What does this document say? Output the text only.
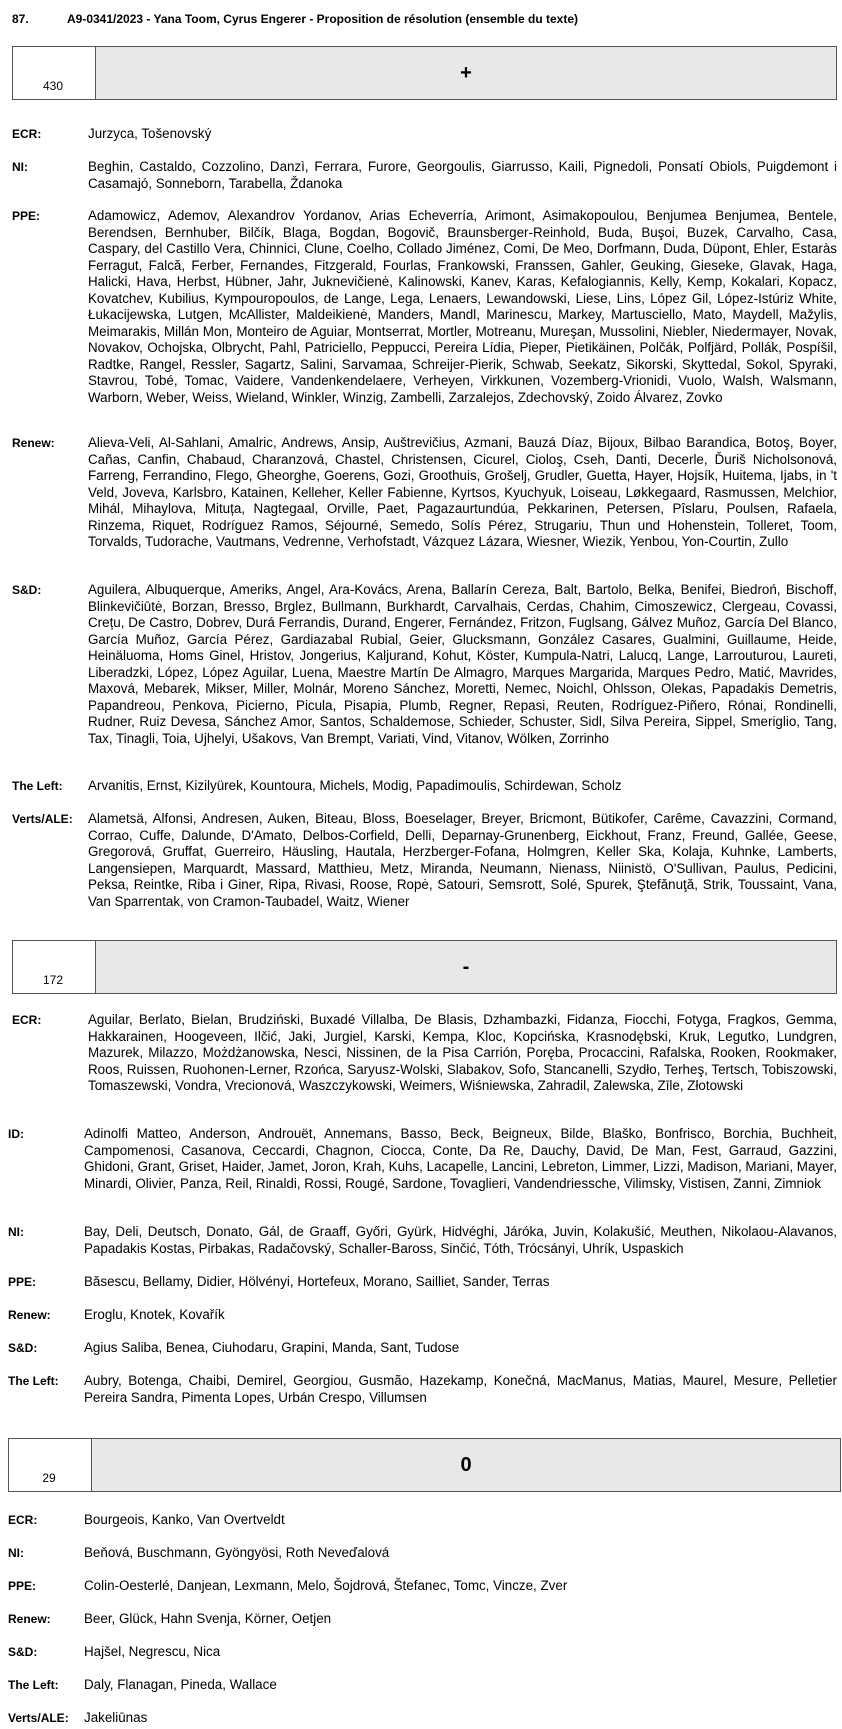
87.	A9-0341/2023 - Yana Toom, Cyrus Engerer - Proposition de résolution (ensemble du texte)
430
+
ECR:	Jurzyca, Tošenovský
NI:	Beghin, Castaldo, Cozzolino, Danzì, Ferrara, Furore, Georgoulis, Giarrusso, Kaili, Pignedoli, Ponsatí Obiols, Puigdemont i Casamajó, Sonneborn, Tarabella, Ždanoka
PPE:	Adamowicz, Ademov, Alexandrov Yordanov, Arias Echeverría, Arimont, Asimakopoulou, Benjumea Benjumea, Bentele, Berendsen, Bernhuber, Bilčík, Blaga, Bogdan, Bogovič, Braunsberger-Reinhold, Buda, Buşoi, Buzek, Carvalho, Casa, Caspary, del Castillo Vera, Chinnici, Clune, Coelho, Collado Jiménez, Comi, De Meo, Dorfmann, Duda, Düpont, Ehler, Estaràs Ferragut, Falcă, Ferber, Fernandes, Fitzgerald, Fourlas, Frankowski, Franssen, Gahler, Geuking, Gieseke, Glavak, Haga, Halicki, Hava, Herbst, Hübner, Jahr, Juknevičienė, Kalinowski, Kanev, Karas, Kefalogiannis, Kelly, Kemp, Kokalari, Kopacz, Kovatchev, Kubilius, Kympouropoulos, de Lange, Lega, Lenaers, Lewandowski, Liese, Lins, López Gil, López-Istúriz White, Łukacijewska, Lutgen, McAllister, Maldeikienė, Manders, Mandl, Marinescu, Markey, Martusciello, Mato, Maydell, Mažylis, Meimarakis, Millán Mon, Monteiro de Aguiar, Montserrat, Mortler, Motreanu, Mureşan, Mussolini, Niebler, Niedermayer, Novak, Novakov, Ochojska, Olbrycht, Pahl, Patriciello, Peppucci, Pereira Lídia, Pieper, Pietikäinen, Polčák, Polfjärd, Pollák, Pospíšil, Radtke, Rangel, Ressler, Sagartz, Salini, Sarvamaa, Schreijer-Pierik, Schwab, Seekatz, Sikorski, Skyttedal, Sokol, Spyraki, Stavrou, Tobé, Tomac, Vaidere, Vandenkendelaere, Verheyen, Virkkunen, Vozemberg-Vrionidi, Vuolo, Walsh, Walsmann, Warborn, Weber, Weiss, Wieland, Winkler, Winzig, Zambelli, Zarzalejos, Zdechovský, Zoido Álvarez, Zovko
Renew: Alieva-Veli, Al-Sahlani, Amalric, Andrews, Ansip, Auštrevičius, Azmani, Bauzá Díaz, Bijoux, Bilbao Barandica, Botoş, Boyer, Cañas, Canfin, Chabaud, Charanzová, Chastel, Christensen, Cicurel, Cioloş, Cseh, Danti, Decerle, Ďuriš Nicholsonová, Farreng, Ferrandino, Flego, Gheorghe, Goerens, Gozi, Groothuis, Grošelj, Grudler, Guetta, Hayer, Hojsík, Huitema, Ijabs, in 't Veld, Joveva, Karlsbro, Katainen, Kelleher, Keller Fabienne, Kyrtsos, Kyuchyuk, Loiseau, Løkkegaard, Rasmussen, Melchior, Mihál, Mihaylova, Mituța, Nagtegaal, Orville, Paet, Pagazaurtundúa, Pekkarinen, Petersen, Pîslaru, Poulsen, Rafaela, Rinzema, Riquet, Rodríguez Ramos, Séjourné, Semedo, Solís Pérez, Strugariu, Thun und Hohenstein, Tolleret, Toom, Torvalds, Tudorache, Vautmans, Vedrenne, Verhofstadt, Vázquez Lázara, Wiesner, Wiezik, Yenbou, Yon-Courtin, Zullo
S&D:	Aguilera, Albuquerque, Ameriks, Angel, Ara-Kovács, Arena, Ballarín Cereza, Balt, Bartolo, Belka, Benifei, Biedroń, Bischoff, Blinkevičiūtė, Borzan, Bresso, Brglez, Bullmann, Burkhardt, Carvalhais, Cerdas, Chahim, Cimoszewicz, Clergeau, Covassi, Crețu, De Castro, Dobrev, Durá Ferrandis, Durand, Engerer, Fernández, Fritzon, Fuglsang, Gálvez Muñoz, García Del Blanco, García Muñoz, García Pérez, Gardiazabal Rubial, Geier, Glucksmann, González Casares, Gualmini, Guillaume, Heide, Heinäluoma, Homs Ginel, Hristov, Jongerius, Kaljurand, Kohut, Köster, Kumpula-Natri, Lalucq, Lange, Larrouturou, Laureti, Liberadzki, López, López Aguilar, Luena, Maestre Martín De Almagro, Marques Margarida, Marques Pedro, Matić, Mavrides, Maxová, Mebarek, Mikser, Miller, Molnár, Moreno Sánchez, Moretti, Nemec, Noichl, Ohlsson, Olekas, Papadakis Demetris, Papandreou, Penkova, Picierno, Picula, Pisapia, Plumb, Regner, Repasi, Reuten, Rodríguez-Piñero, Rónai, Rondinelli, Rudner, Ruiz Devesa, Sánchez Amor, Santos, Schaldemose, Schieder, Schuster, Sidl, Silva Pereira, Sippel, Smeriglio, Tang, Tax, Tinagli, Toia, Ujhelyi, Ušakovs, Van Brempt, Variati, Vind, Vitanov, Wölken, Zorrinho
The Left: Arvanitis, Ernst, Kizilyürek, Kountoura, Michels, Modig, Papadimoulis, Schirdewan, Scholz
Verts/ALE: Alametsä, Alfonsi, Andresen, Auken, Biteau, Bloss, Boeselager, Breyer, Bricmont, Bütikofer, Carême, Cavazzini, Cormand, Corrao, Cuffe, Dalunde, D'Amato, Delbos-Corfield, Delli, Deparnay-Grunenberg, Eickhout, Franz, Freund, Gallée, Geese, Gregorová, Gruffat, Guerreiro, Häusling, Hautala, Herzberger-Fofana, Holmgren, Keller Ska, Kolaja, Kuhnke, Lamberts, Langensiepen, Marquardt, Massard, Matthieu, Metz, Miranda, Neumann, Nienass, Niinistö, O'Sullivan, Paulus, Pedicini, Peksa, Reintke, Riba i Giner, Ripa, Rivasi, Roose, Ropė, Satouri, Semsrott, Solé, Spurek, Ştefănuţă, Strik, Toussaint, Vana, Van Sparrentak, von Cramon-Taubadel, Waitz, Wiener
172
-
ECR:	Aguilar, Berlato, Bielan, Brudziński, Buxadé Villalba, De Blasis, Dzhambazki, Fidanza, Fiocchi, Fotyga, Fragkos, Gemma, Hakkarainen, Hoogeveen, Ilčić, Jaki, Jurgiel, Karski, Kempa, Kloc, Kopcińska, Krasnodębski, Kruk, Legutko, Lundgren, Mazurek, Milazzo, Możdżanowska, Nesci, Nissinen, de la Pisa Carrión, Poręba, Procaccini, Rafalska, Rooken, Rookmaker, Roos, Ruissen, Ruohonen-Lerner, Rzońca, Saryusz-Wolski, Slabakov, Sofo, Stancanelli, Szydło, Terheş, Tertsch, Tobiszowski, Tomaszewski, Vondra, Vrecionová, Waszczykowski, Weimers, Wiśniewska, Zahradil, Zalewska, Zīle, Złotowski
ID:	Adinolfi Matteo, Anderson, Androuët, Annemans, Basso, Beck, Beigneux, Bilde, Blaško, Bonfrisco, Borchia, Buchheit, Campomenosi, Casanova, Ceccardi, Chagnon, Ciocca, Conte, Da Re, Dauchy, David, De Man, Fest, Garraud, Gazzini, Ghidoni, Grant, Griset, Haider, Jamet, Joron, Krah, Kuhs, Lacapelle, Lancini, Lebreton, Limmer, Lizzi, Madison, Mariani, Mayer, Minardi, Olivier, Panza, Reil, Rinaldi, Rossi, Rougé, Sardone, Tovaglieri, Vandendriessche, Vilimsky, Vistisen, Zanni, Zimniok
NI:	Bay, Deli, Deutsch, Donato, Gál, de Graaff, Győri, Gyürk, Hidvéghi, Járóka, Juvin, Kolakušić, Meuthen, Nikolaou-Alavanos, Papadakis Kostas, Pirbakas, Radačovský, Schaller-Baross, Sinčić, Tóth, Trócsányi, Uhrík, Uspaskich
PPE:	Băsescu, Bellamy, Didier, Hölvényi, Hortefeux, Morano, Sailliet, Sander, Terras
Renew: Eroglu, Knotek, Kovařík
S&D:	Agius Saliba, Benea, Ciuhodaru, Grapini, Manda, Sant, Tudose
The Left: Aubry, Botenga, Chaibi, Demirel, Georgiou, Gusmão, Hazekamp, Konečná, MacManus, Matias, Maurel, Mesure, Pelletier Pereira Sandra, Pimenta Lopes, Urbán Crespo, Villumsen
29
0
ECR:	Bourgeois, Kanko, Van Overtveldt
NI:	Beňová, Buschmann, Gyöngyösi, Roth Neveďalová
PPE:	Colin-Oesterlé, Danjean, Lexmann, Melo, Šojdrová, Štefanec, Tomc, Vincze, Zver
Renew: Beer, Glück, Hahn Svenja, Körner, Oetjen
S&D:	Hajšel, Negrescu, Nica
The Left: Daly, Flanagan, Pineda, Wallace
Verts/ALE: Jakeliūnas
